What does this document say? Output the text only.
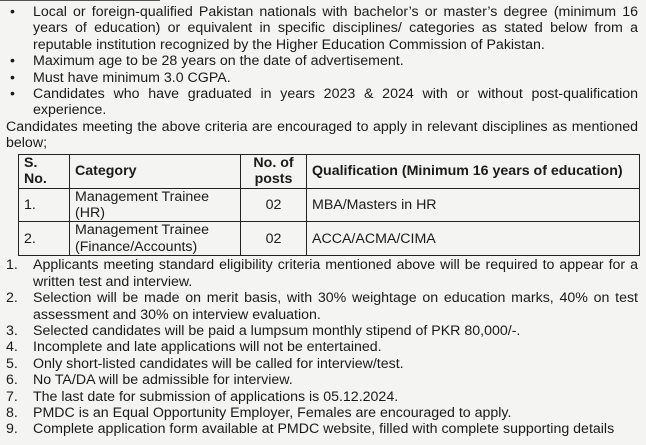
• Local or foreign-qualified Pakistan nationals with bachelor’s or master’s degree (minimum 16 years of education) or equivalent in specific disciplines/ categories as stated below from a reputable institution recognized by the Higher Education Commission of Pakistan.
• Maximum age to be 28 years on the date of advertisement.
• Must have minimum 3.0 CGPA.
• Candidates who have graduated in years 2023 & 2024 with or without post-qualification experience.

Candidates meeting the above criteria are encouraged to apply in relevant disciplines as mentioned below;

S. No.	Category	No. of posts	Qualification (Minimum 16 years of education)
1.	Management Trainee (HR)	02	MBA/Masters in HR
2.	Management Trainee (Finance/Accounts)	02	ACCA/ACMA/CIMA
1. Applicants meeting standard eligibility criteria mentioned above will be required to appear for a written test and interview.
2. Selection will be made on merit basis, with 30% weightage on education marks, 40% on test assessment and 30% on interview evaluation.
3. Selected candidates will be paid a lumpsum monthly stipend of PKR 80,000/-.
4. Incomplete and late applications will not be entertained.
5. Only short-listed candidates will be called for interview/test.
6. No TA/DA will be admissible for interview.
7. The last date for submission of applications is 05.12.2024.
8. PMDC is an Equal Opportunity Employer, Females are encouraged to apply.
9. Complete application form available at PMDC website, filled with complete supporting details
